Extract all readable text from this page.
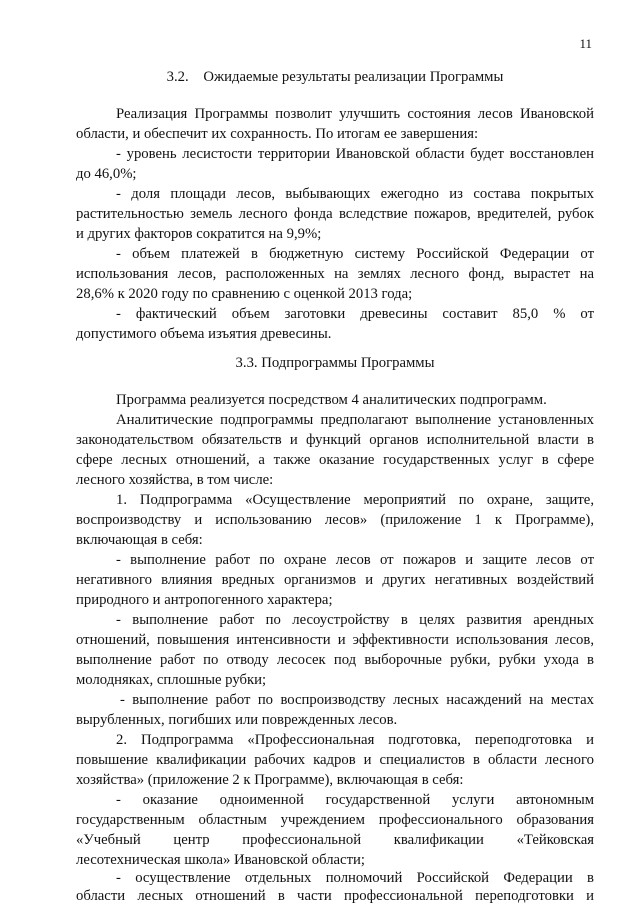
11
3.2.    Ожидаемые результаты реализации Программы
Реализация Программы позволит улучшить состояния лесов Ивановской
области, и обеспечит их сохранность. По итогам ее завершения:
- уровень лесистости территории Ивановской области будет восстановлен
до 46,0%;
- доля площади лесов, выбывающих ежегодно из состава покрытых
растительностью земель лесного фонда вследствие пожаров, вредителей, рубок
и других факторов сократится на 9,9%;
- объем платежей в бюджетную систему Российской Федерации от
использования лесов, расположенных на землях лесного фонд, вырастет на
28,6% к 2020 году по сравнению с оценкой 2013 года;
- фактический объем заготовки древесины составит 85,0 % от
допустимого объема изъятия древесины.
3.3. Подпрограммы Программы
Программа реализуется посредством 4 аналитических подпрограмм.
Аналитические подпрограммы предполагают выполнение установленных
законодательством обязательств и функций органов исполнительной власти в
сфере лесных отношений, а также оказание государственных услуг в сфере
лесного хозяйства, в том числе:
1. Подпрограмма «Осуществление мероприятий по охране, защите,
воспроизводству и использованию лесов» (приложение 1 к Программе),
включающая в себя:
- выполнение работ по охране лесов от пожаров и защите лесов от
негативного влияния вредных организмов и других негативных воздействий
природного и антропогенного характера;
- выполнение работ по лесоустройству в целях развития арендных
отношений, повышения интенсивности и эффективности использования лесов,
выполнение работ по отводу лесосек под выборочные рубки, рубки ухода в
молодняках, сплошные рубки;
- выполнение работ по воспроизводству лесных насаждений на местах
вырубленных, погибших или поврежденных лесов.
2. Подпрограмма «Профессиональная подготовка, переподготовка и
повышение квалификации рабочих кадров и специалистов в области лесного
хозяйства» (приложение 2 к Программе), включающая в себя:
- оказание одноименной государственной услуги автономным
государственным областным учреждением профессионального образования
«Учебный центр профессиональной квалификации «Тейковская
лесотехническая школа» Ивановской области;
- осуществление отдельных полномочий Российской Федерации в
области лесных отношений в части профессиональной переподготовки и
